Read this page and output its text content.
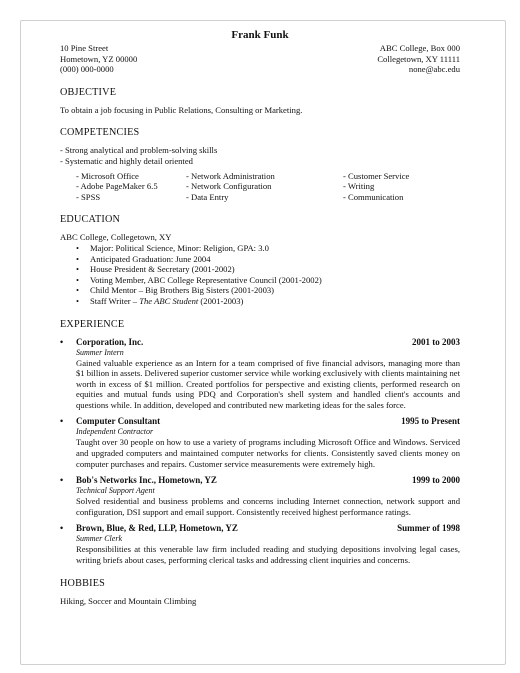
Frank Funk
10 Pine Street
Hometown, YZ 00000
(000) 000-0000
ABC College, Box 000
Collegetown, XY 11111
none@abc.edu
OBJECTIVE
To obtain a job focusing in Public Relations, Consulting or Marketing.
COMPETENCIES
- Strong analytical and problem-solving skills
- Systematic and highly detail oriented
- Microsoft Office	- Network Administration	- Customer Service
- Adobe PageMaker 6.5	- Network Configuration	- Writing
- SPSS	- Data Entry	- Communication
EDUCATION
ABC College, Collegetown, XY
• Major: Political Science, Minor: Religion, GPA: 3.0
• Anticipated Graduation: June 2004
• House President & Secretary (2001-2002)
• Voting Member, ABC College Representative Council (2001-2002)
• Child Mentor – Big Brothers Big Sisters (2001-2003)
• Staff Writer – The ABC Student (2001-2003)
EXPERIENCE
• Corporation, Inc.	2001 to 2003
Summer Intern
Gained valuable experience as an Intern for a team comprised of five financial advisors, managing more than $1 billion in assets. Delivered superior customer service while working exclusively with clients maintaining net worth in excess of $1 million. Created portfolios for perspective and existing clients, performed research on equities and mutual funds using PDQ and Corporation's shell system and handled client's accounts and questions while. In addition, developed and contributed new marketing ideas for the sales force.
• Computer Consultant	1995 to Present
Independent Contractor
Taught over 30 people on how to use a variety of programs including Microsoft Office and Windows. Serviced and upgraded computers and maintained computer networks for clients. Consistently saved clients money on computer purchases and repairs. Customer service measurements were extremely high.
• Bob's Networks Inc., Hometown, YZ	1999 to 2000
Technical Support Agent
Solved residential and business problems and concerns including Internet connection, network support and configuration, DSI support and email support. Consistently received highest performance ratings.
• Brown, Blue, & Red, LLP, Hometown, YZ	Summer of 1998
Summer Clerk
Responsibilities at this venerable law firm included reading and studying depositions involving legal cases, writing briefs about cases, performing clerical tasks and addressing client inquiries and concerns.
HOBBIES
Hiking, Soccer and Mountain Climbing
